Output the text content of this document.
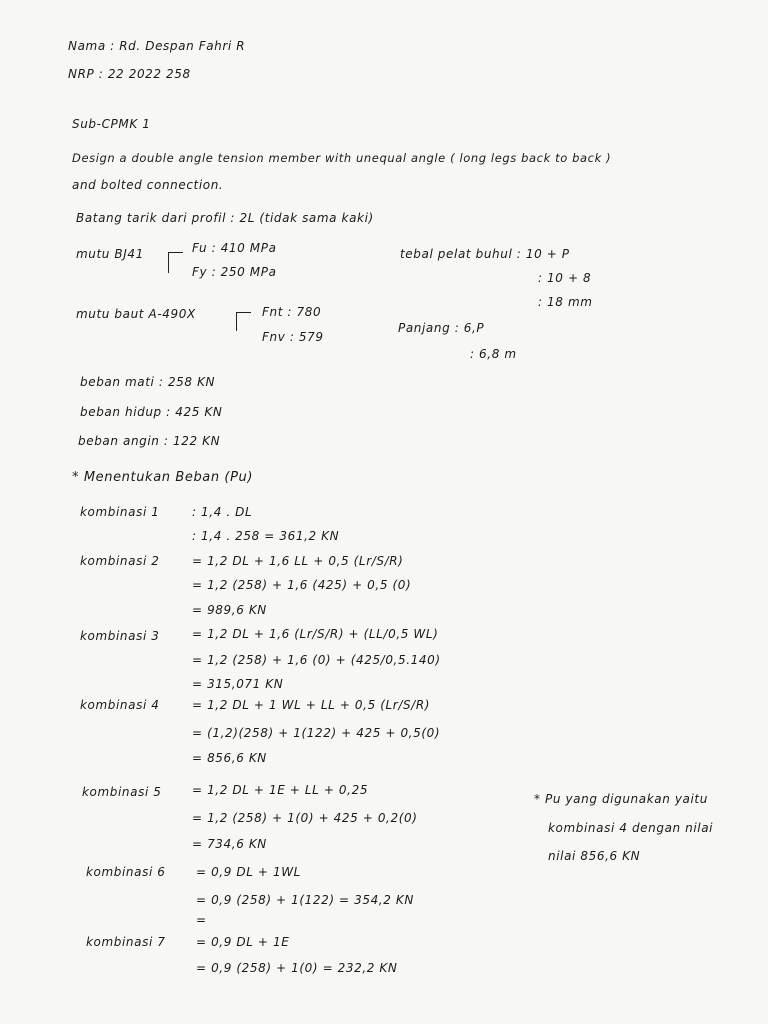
Nama : Rd. Despan Fahri R
NRP : 22 2022 258
Sub-CPMK 1
Design a double angle tension member with unequal angle ( long legs back to back )
and bolted connection.
Batang tarik dari profil : 2L (tidak sama kaki)
mutu BJ41	Fu : 410 MPa
Fy : 250 MPa
tebal pelat buhul : 10 + P
: 10 + 8
: 18 mm
mutu baut A-490X	Fnt : 780
Fnv : 579
Panjang : 6,P
: 6,8 m
beban mati : 258 KN
beban hidup : 425 KN
beban angin : 122 KN
* Menentukan Beban (Pu)
kombinasi 1	: 1,4 . DL
: 1,4 . 258 = 361,2 KN
kombinasi 2	= 1,2 DL + 1,6 LL + 0,5 (Lr/S/R)
= 1,2 (258) + 1,6 (425) + 0,5 (0)
= 989,6 KN
kombinasi 3	= 1,2 DL + 1,6 (Lr/S/R) + (LL/0,5 WL)
= 1,2 (258) + 1,6 (0) + (425/0,5.140)
= 315,071 KN
kombinasi 4	= 1,2 DL + 1 WL + LL + 0,5 (Lr/S/R)
= (1,2)(258) + 1(122) + 425 + 0,5(0)
= 856,6 KN
kombinasi 5	= 1,2 DL + 1E + LL + 0,25
= 1,2 (258) + 1(0) + 425 + 0,2(0)
= 734,6 KN
* Pu yang digunakan yaitu
kombinasi 4 dengan nilai
nilai 856,6 KN
kombinasi 6	= 0,9 DL + 1WL
= 0,9 (258) + 1(122) = 354,2 KN
=
kombinasi 7	= 0,9 DL + 1E
= 0,9 (258) + 1(0) = 232,2 KN
